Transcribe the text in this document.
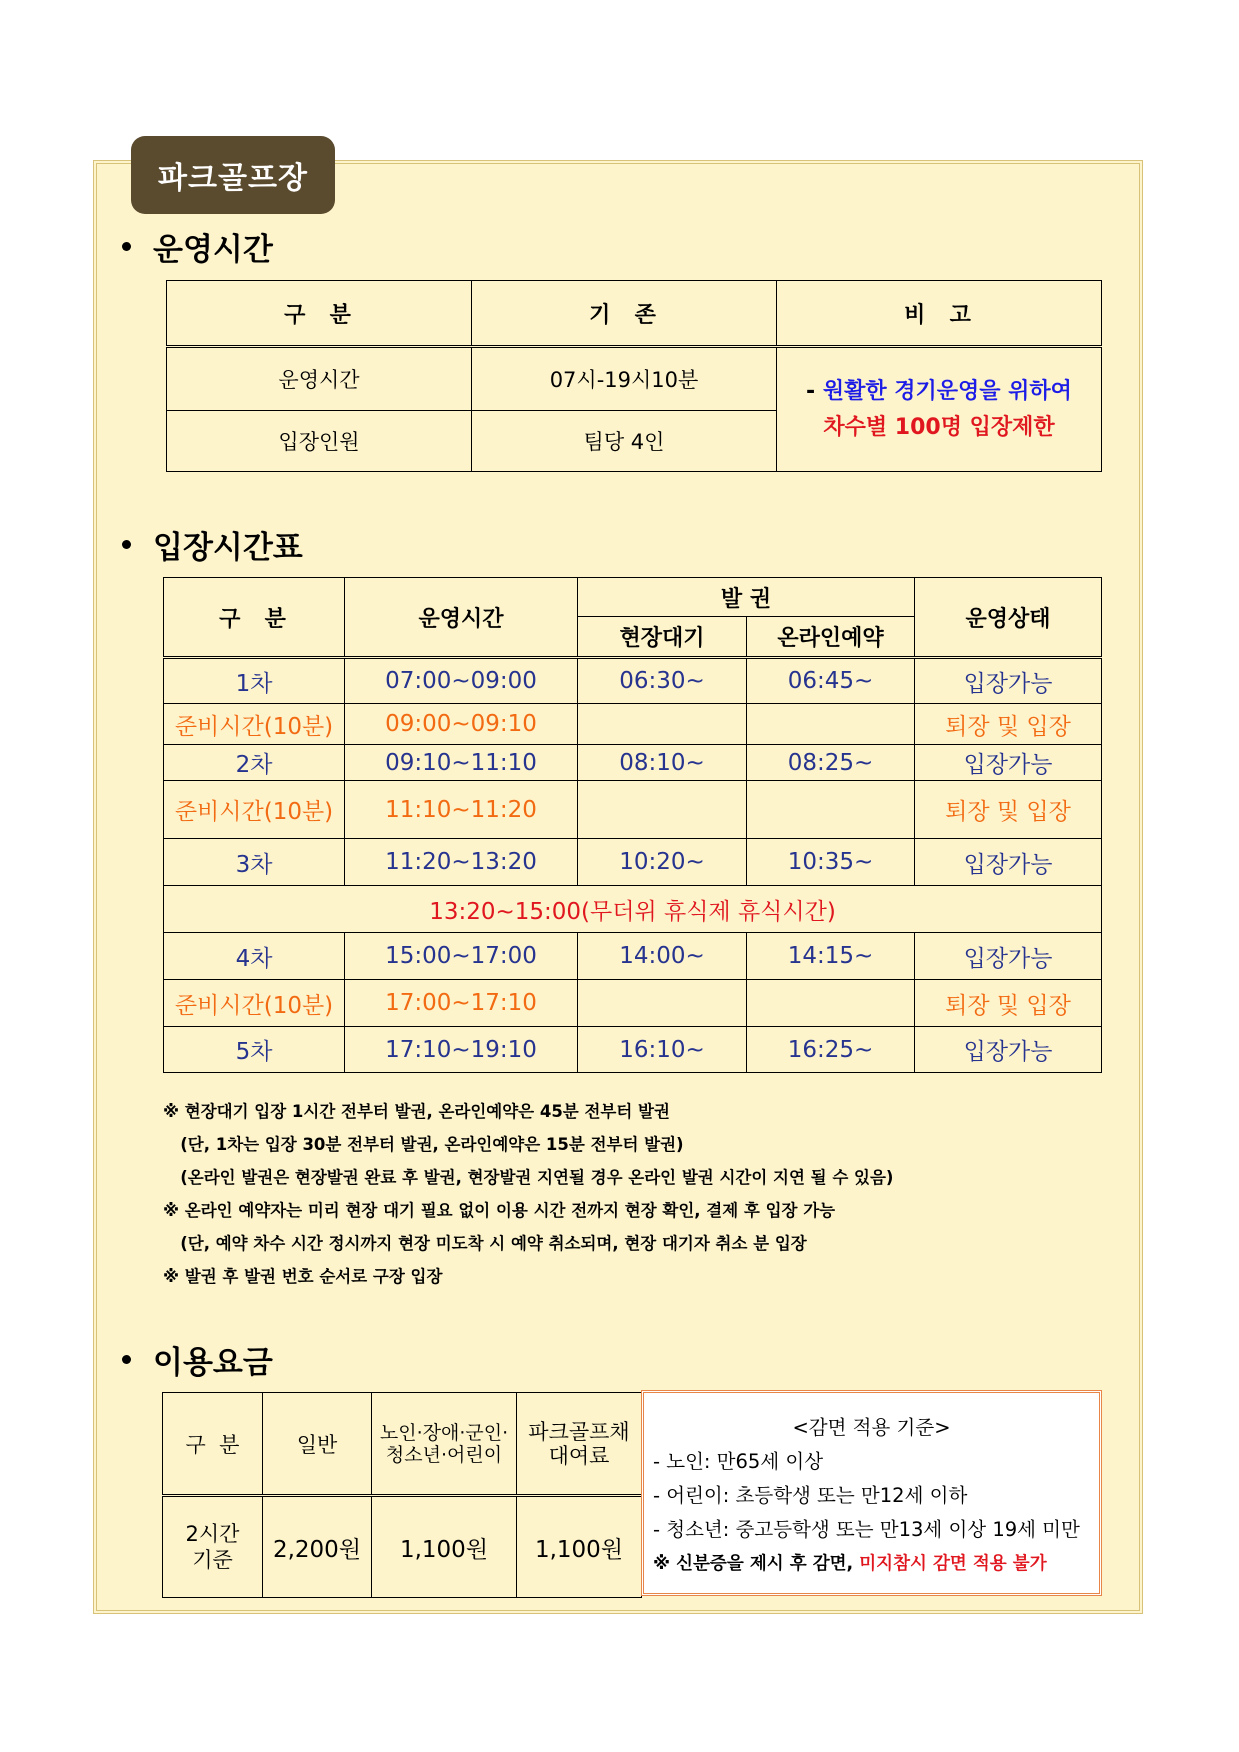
파크골프장
운영시간
구  분	기  존	비  고
운영시간	07시-19시10분	- 원활한 경기운영을 위하여
차수별 100명 입장제한

입장인원	팀당 4인	
입장시간표
구  분	운영시간	발 권		운영상태
		현장대기	온라인예약	
1차	07:00~09:00	06:30~	06:45~	입장가능
준비시간(10분)	09:00~09:10			퇴장 및 입장
2차	09:10~11:10	08:10~	08:25~	입장가능
준비시간(10분)	11:10~11:20			퇴장 및 입장
3차	11:20~13:20	10:20~	10:35~	입장가능
13:20~15:00(무더위 휴식제 휴식시간)				
4차	15:00~17:00	14:00~	14:15~	입장가능
준비시간(10분)	17:00~17:10			퇴장 및 입장
5차	17:10~19:10	16:10~	16:25~	입장가능
※ 현장대기 입장 1시간 전부터 발권, 온라인예약은 45분 전부터 발권
(단, 1차는 입장 30분 전부터 발권, 온라인예약은 15분 전부터 발권)
(온라인 발권은 현장발권 완료 후 발권, 현장발권 지연될 경우 온라인 발권 시간이 지연 될 수 있음)
※ 온라인 예약자는 미리 현장 대기 필요 없이 이용 시간 전까지 현장 확인, 결제 후 입장 가능
(단, 예약 차수 시간 정시까지 현장 미도착 시 예약 취소되며, 현장 대기자 취소 분 입장
※ 발권 후 발권 번호 순서로 구장 입장
이용요금
구  분	일반	노인·장애·군인·
청소년·어린이	파크골프채
대여료
2시간
기준	2,200원	1,100원	1,100원
<감면 적용 기준>
- 노인: 만65세 이상
- 어린이: 초등학생 또는 만12세 이하
- 청소년: 중고등학생 또는 만13세 이상 19세 미만
※ 신분증을 제시 후 감면, 미지참시 감면 적용 불가
